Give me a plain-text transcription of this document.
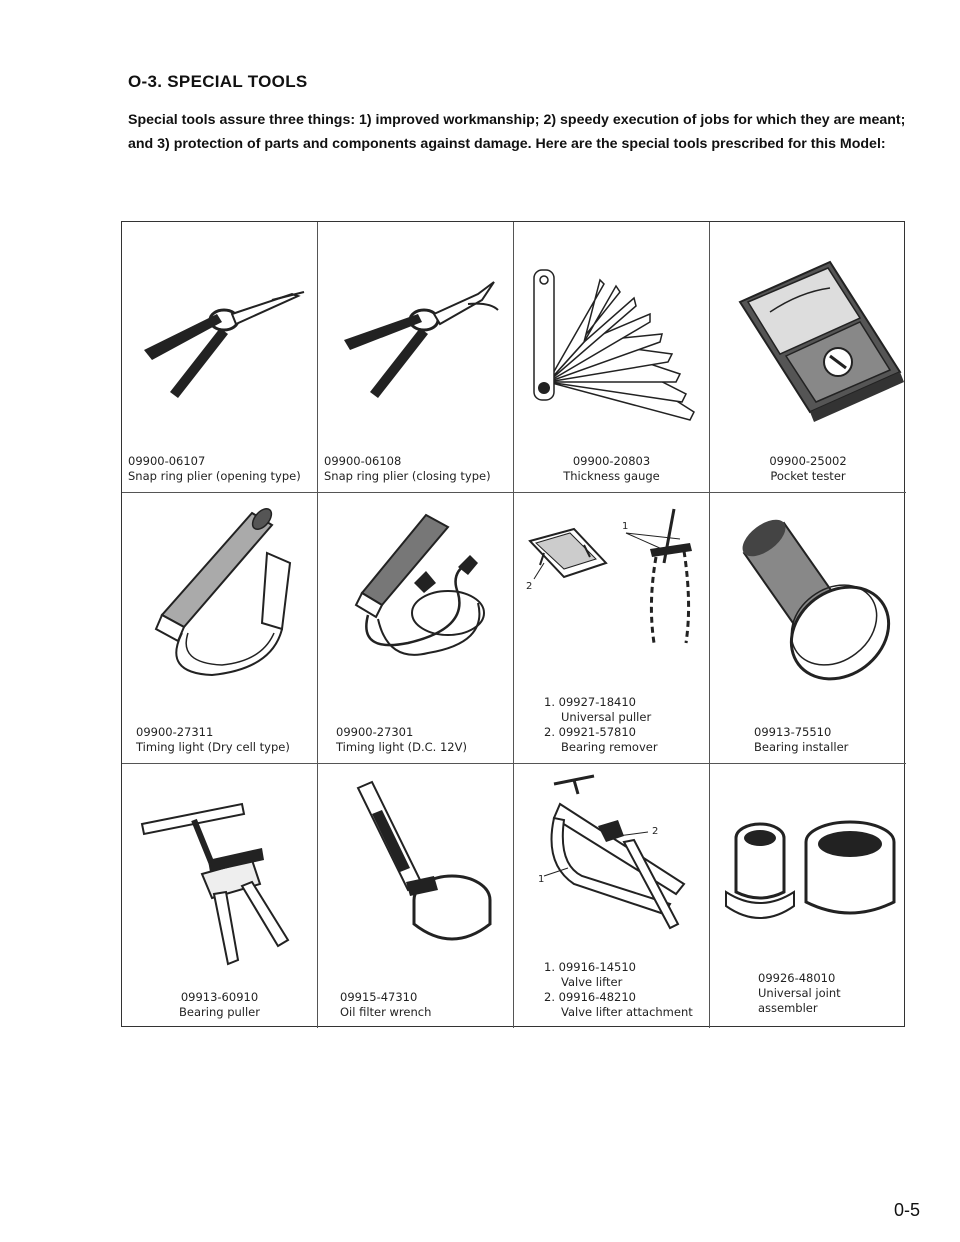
O-3. SPECIAL TOOLS
Special tools assure three things: 1) improved workmanship; 2) speedy execution of jobs for which they are meant; and 3) protection of parts and components against damage. Here are the special tools prescribed for this Model:
09900-06107
Snap ring plier (opening type)
09900-06108
Snap ring plier (closing type)
09900-20803
Thickness gauge
09900-25002
Pocket tester
09900-27311
Timing light (Dry cell type)
09900-27301
Timing light (D.C. 12V)
1
2
1. 09927-18410
Universal puller
2. 09921-57810
Bearing remover
09913-75510
Bearing installer
09913-60910
Bearing puller
09915-47310
Oil filter wrench
2
1
1. 09916-14510
Valve lifter
2. 09916-48210
Valve lifter attachment
09926-48010
Universal joint
assembler
0-5
